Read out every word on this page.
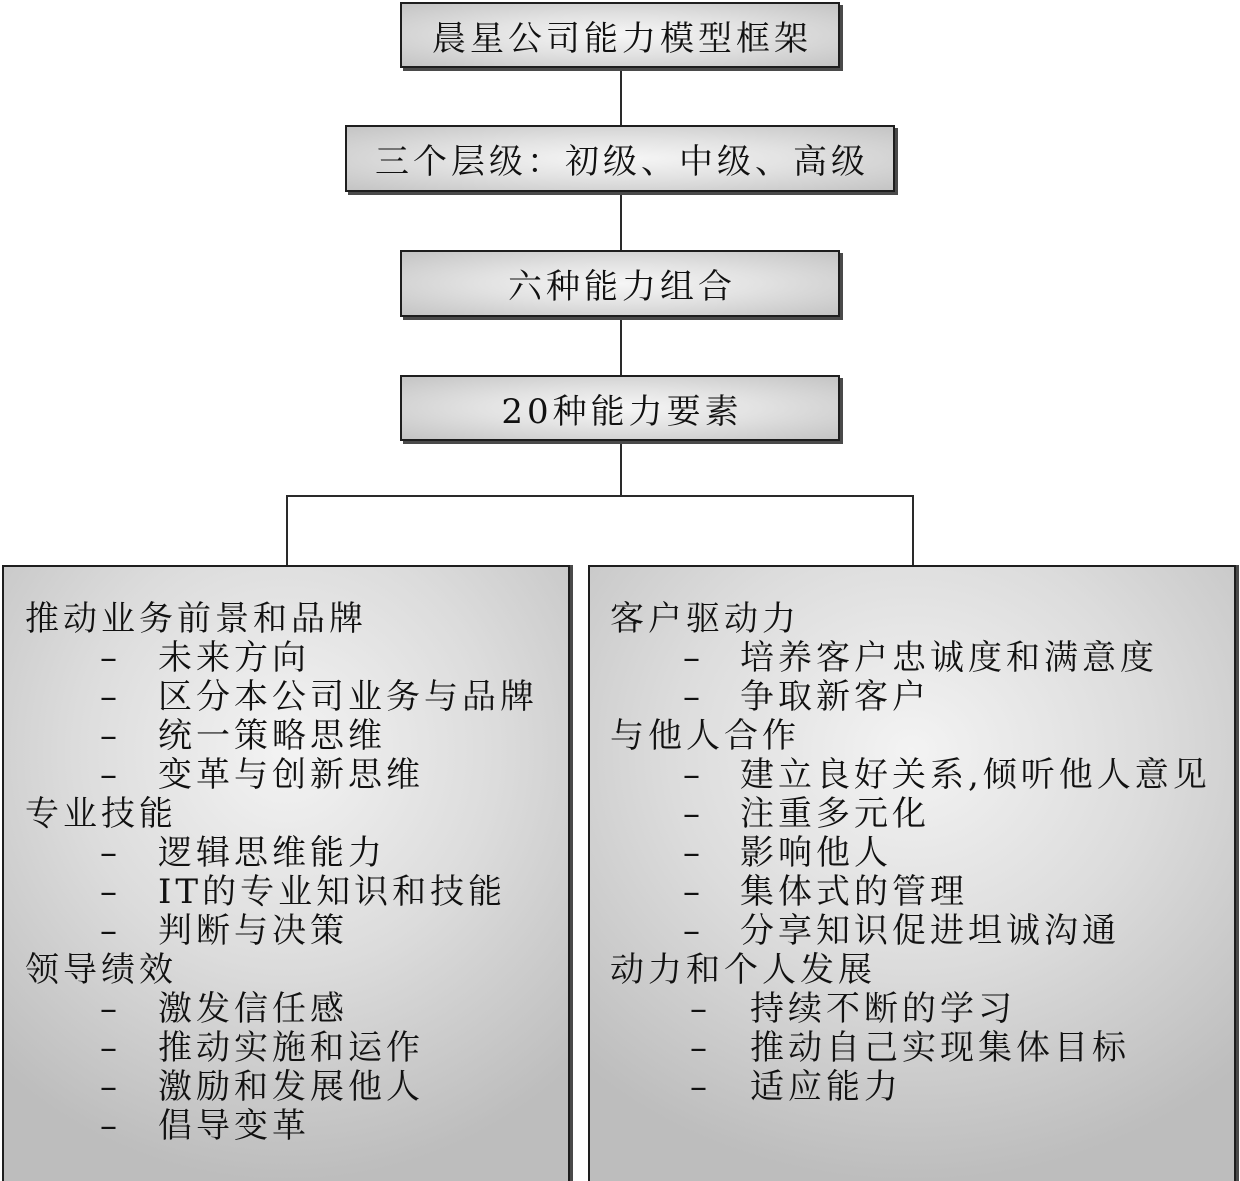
晨星公司能力模型框架
三个层级：初级、中级、高级
六种能力组合
20种能力要素
推动业务前景和品牌
– 未来方向
– 区分本公司业务与品牌
– 统一策略思维
– 变革与创新思维
专业技能
– 逻辑思维能力
– IT的专业知识和技能
– 判断与决策
领导绩效
– 激发信任感
– 推动实施和运作
– 激励和发展他人
– 倡导变革
客户驱动力
– 培养客户忠诚度和满意度
– 争取新客户
与他人合作
– 建立良好关系,倾听他人意见
– 注重多元化
– 影响他人
– 集体式的管理
– 分享知识促进坦诚沟通
动力和个人发展
– 持续不断的学习
– 推动自己实现集体目标
– 适应能力
